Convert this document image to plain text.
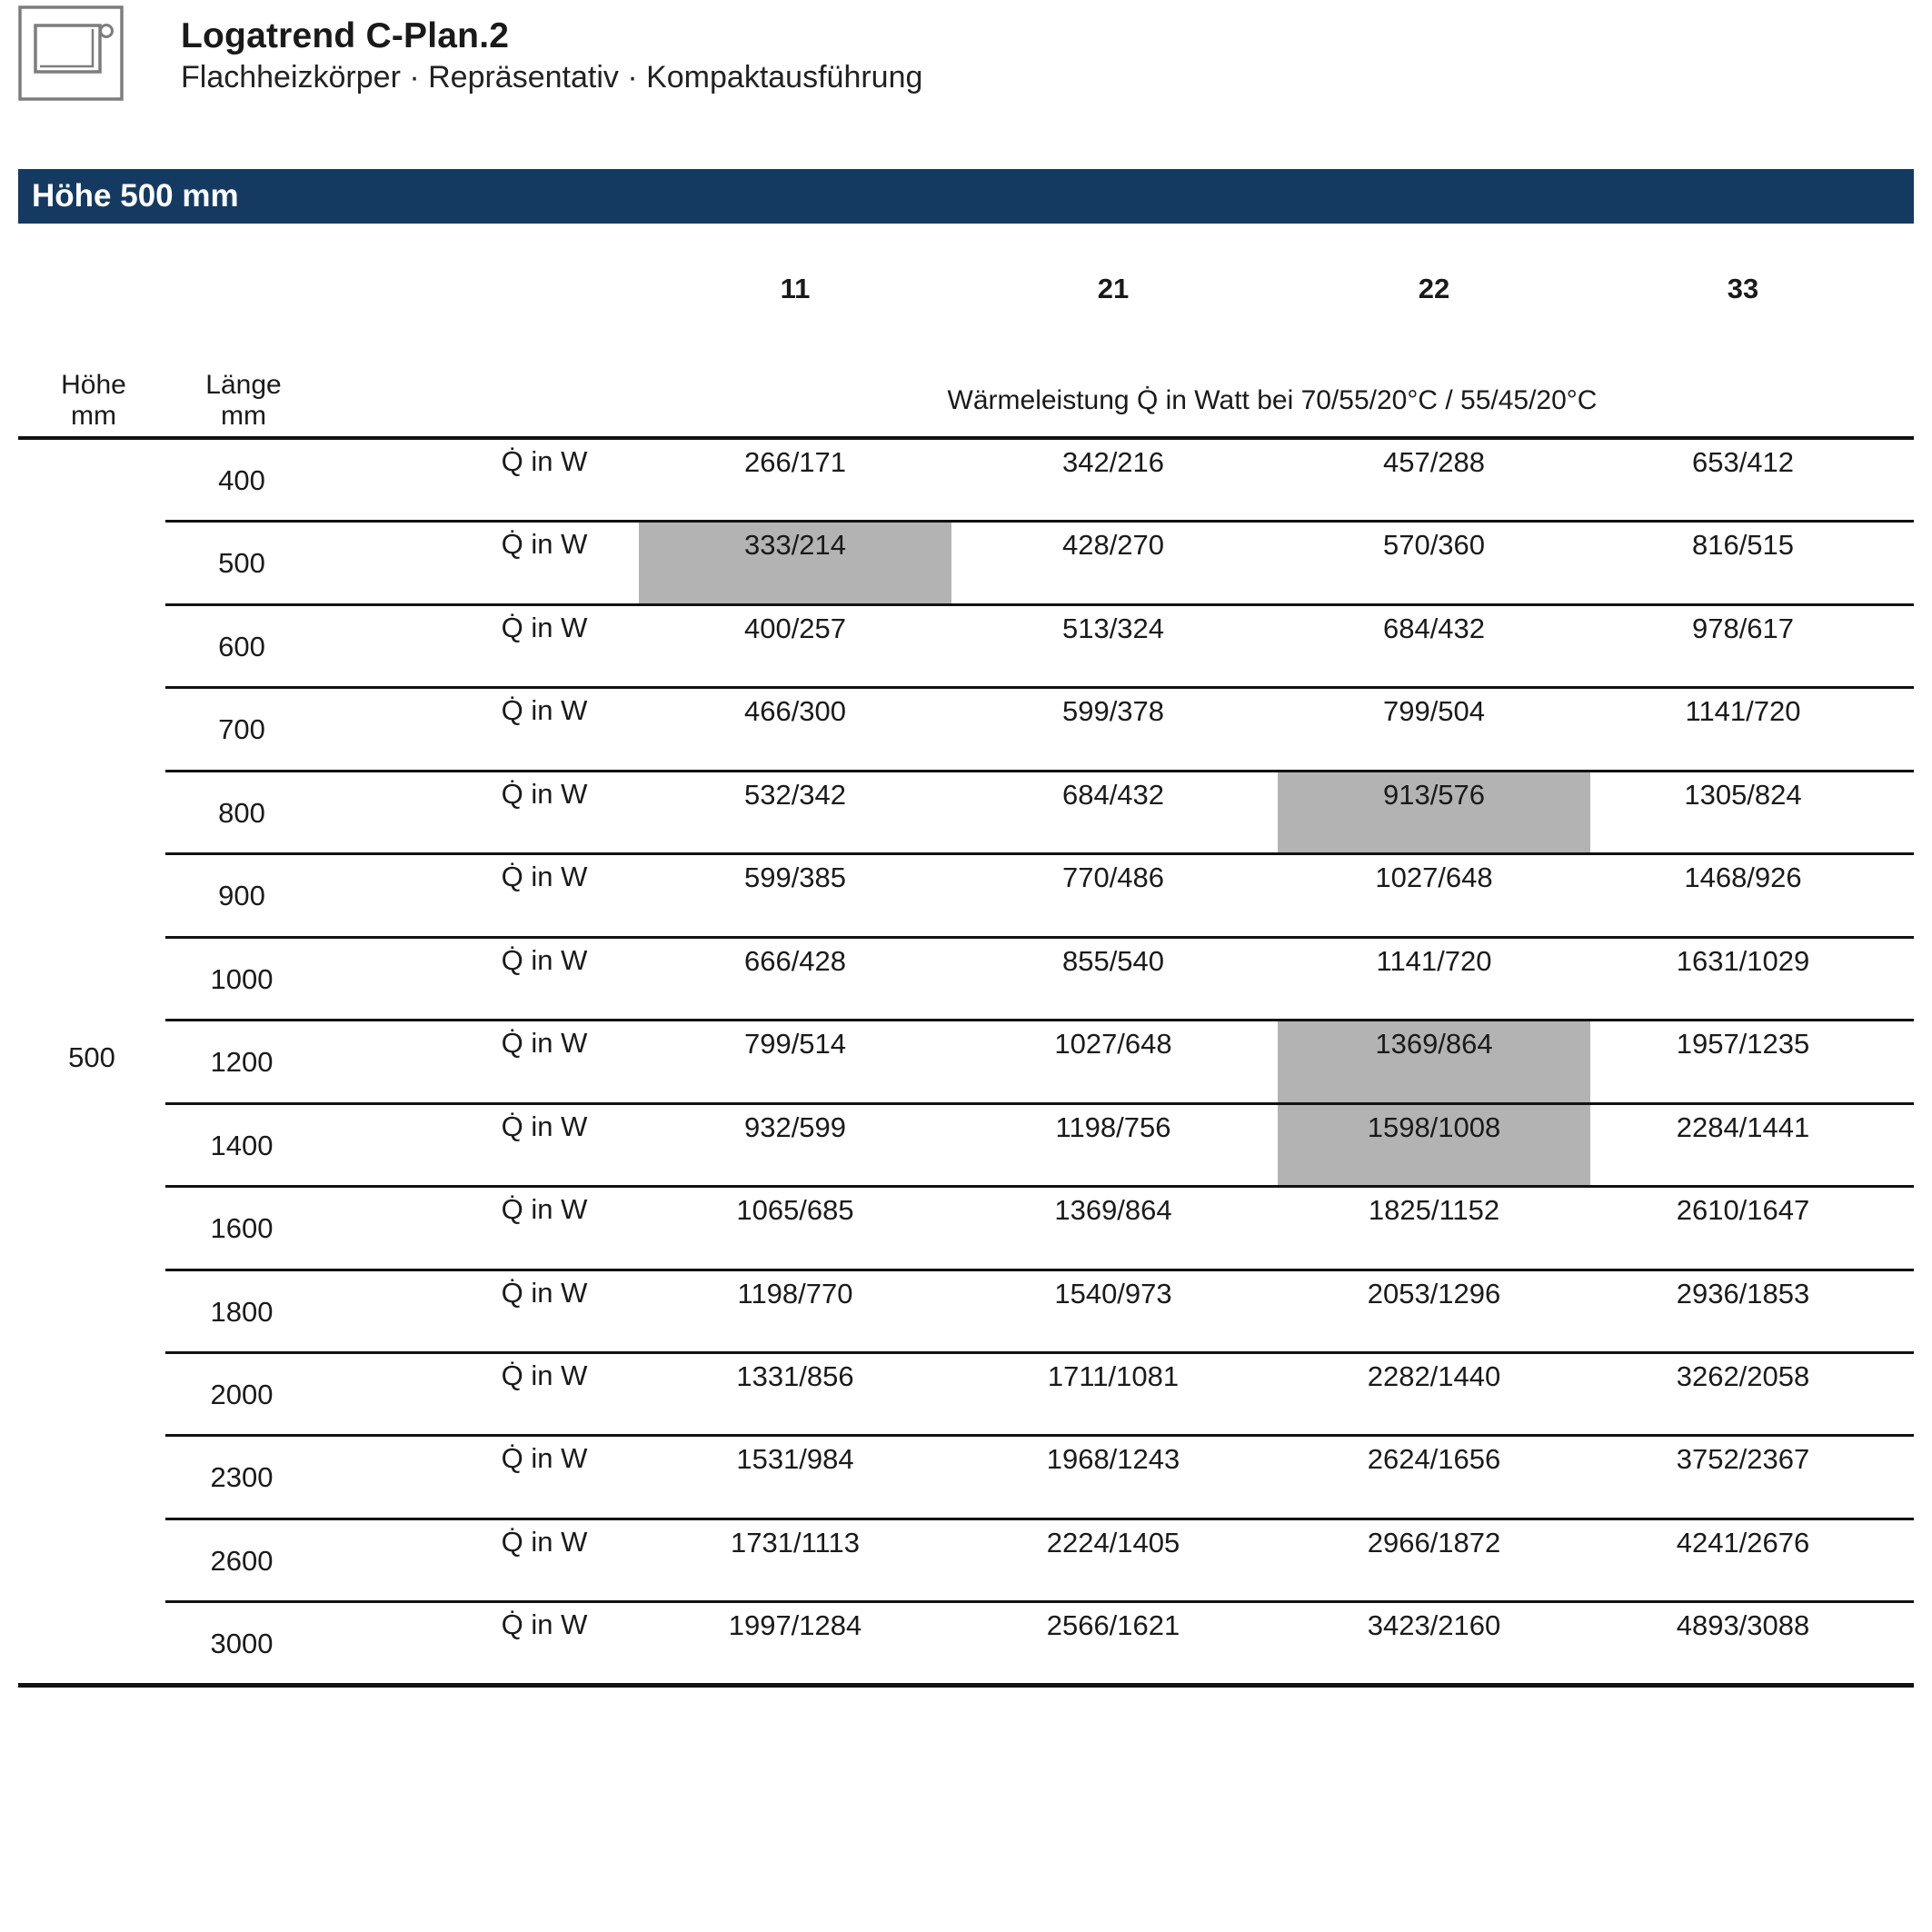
Logatrend C-Plan.2
Flachheizkörper · Repräsentativ · Kompaktausführung
Höhe 500 mm
11	21	22	33
Höhe
mm
Länge
mm
Wärmeleistung Q̇ in Watt bei 70/55/20°C / 55/45/20°C
400
Q̇ in W	266/171	342/216	457/288	653/412
500
Q̇ in W	333/214	428/270	570/360	816/515
600
Q̇ in W	400/257	513/324	684/432	978/617
700
Q̇ in W	466/300	599/378	799/504	1141/720
800
Q̇ in W	532/342	684/432	913/576	1305/824
900
Q̇ in W	599/385	770/486	1027/648	1468/926
1000
Q̇ in W	666/428	855/540	1141/720	1631/1029
1200
Q̇ in W	799/514	1027/648	1369/864	1957/1235
1400
Q̇ in W	932/599	1198/756	1598/1008	2284/1441
1600
Q̇ in W	1065/685	1369/864	1825/1152	2610/1647
1800
Q̇ in W	1198/770	1540/973	2053/1296	2936/1853
2000
Q̇ in W	1331/856	1711/1081	2282/1440	3262/2058
2300
Q̇ in W	1531/984	1968/1243	2624/1656	3752/2367
2600
Q̇ in W	1731/1113	2224/1405	2966/1872	4241/2676
3000
Q̇ in W	1997/1284	2566/1621	3423/2160	4893/3088
500
